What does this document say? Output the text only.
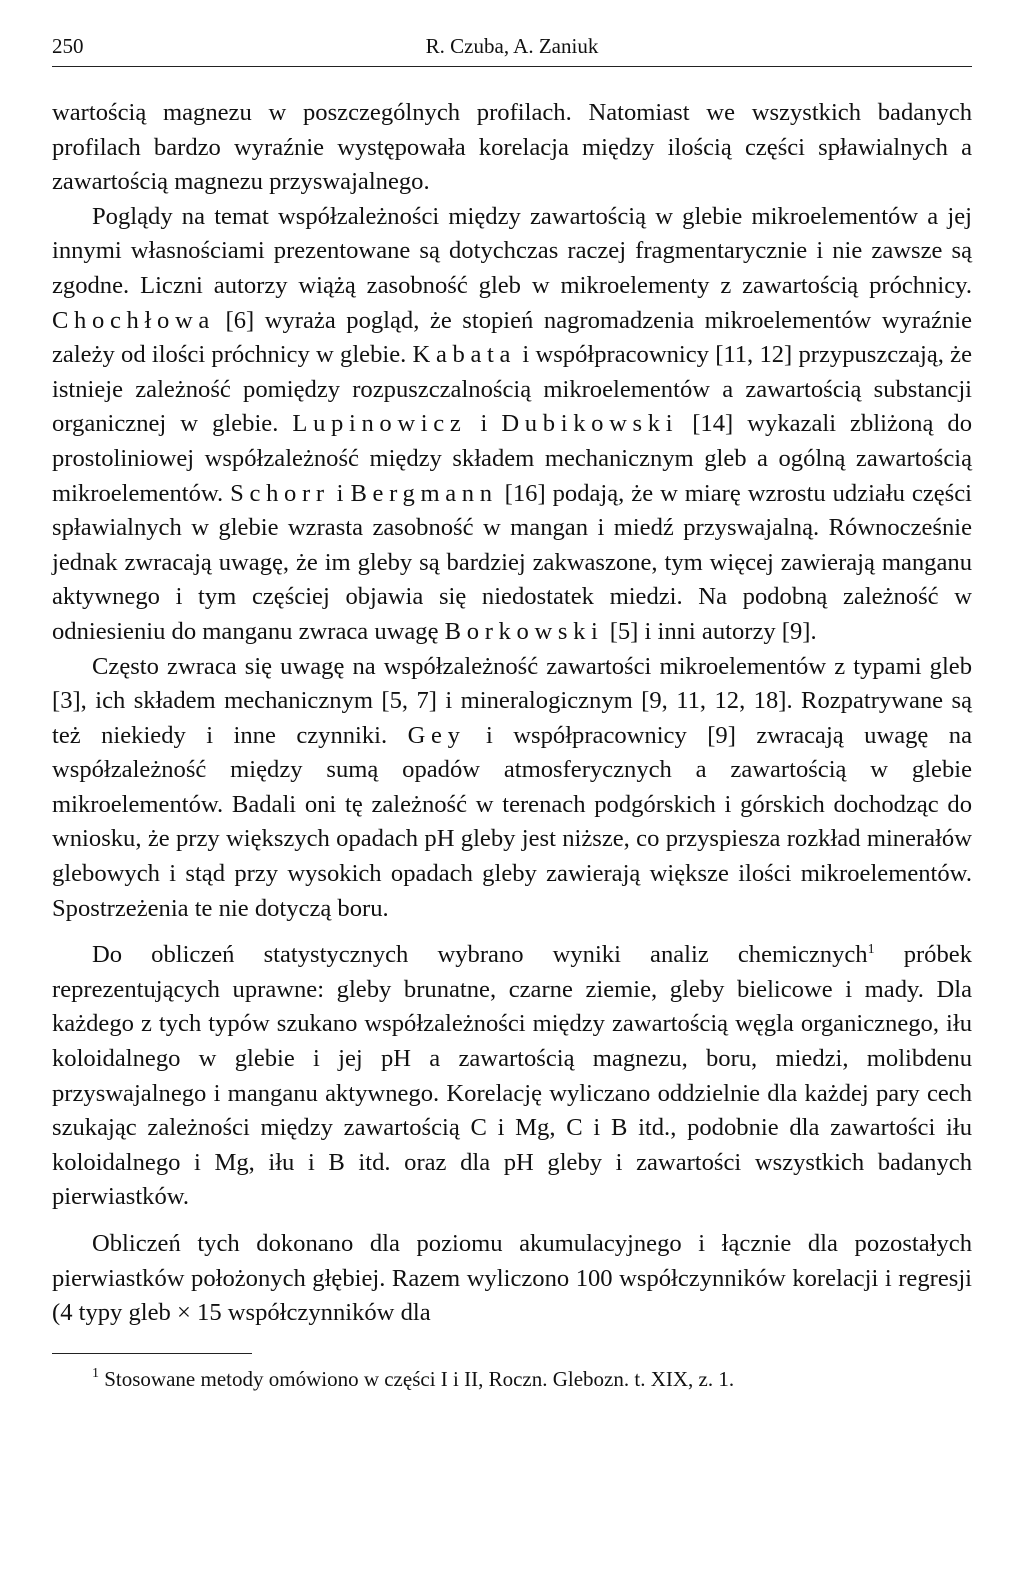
250	R. Czuba, A. Zaniuk

wartością magnezu w poszczególnych profilach. Natomiast we wszystkich badanych profilach bardzo wyraźnie występowała korelacja między ilością części spławialnych a zawartością magnezu przyswajalnego.

Poglądy na temat współzależności między zawartością w glebie mikroelementów a jej innymi własnościami prezentowane są dotychczas raczej fragmentarycznie i nie zawsze są zgodne. Liczni autorzy wiążą zasobność gleb w mikroelementy z zawartością próchnicy. Chochłowa [6] wyraża pogląd, że stopień nagromadzenia mikroelementów wyraźnie zależy od ilości próchnicy w glebie. Kabata i współpracownicy [11, 12] przypuszczają, że istnieje zależność pomiędzy rozpuszczalnością mikroelementów a zawartością substancji organicznej w glebie. Lupinowicz i Dubikowski [14] wykazali zbliżoną do prostoliniowej współzależność między składem mechanicznym gleb a ogólną zawartością mikroelementów. Schorr i Bergmann [16] podają, że w miarę wzrostu udziału części spławialnych w glebie wzrasta zasobność w mangan i miedź przyswajalną. Równocześnie jednak zwracają uwagę, że im gleby są bardziej zakwaszone, tym więcej zawierają manganu aktywnego i tym częściej objawia się niedostatek miedzi. Na podobną zależność w odniesieniu do manganu zwraca uwagę Borkowski [5] i inni autorzy [9].

Często zwraca się uwagę na współzależność zawartości mikroelementów z typami gleb [3], ich składem mechanicznym [5, 7] i mineralogicznym [9, 11, 12, 18]. Rozpatrywane są też niekiedy i inne czynniki. Gey i współpracownicy [9] zwracają uwagę na współzależność między sumą opadów atmosferycznych a zawartością w glebie mikroelementów. Badali oni tę zależność w terenach podgórskich i górskich dochodząc do wniosku, że przy większych opadach pH gleby jest niższe, co przyspiesza rozkład minerałów glebowych i stąd przy wysokich opadach gleby zawierają większe ilości mikroelementów. Spostrzeżenia te nie dotyczą boru.

Do obliczeń statystycznych wybrano wyniki analiz chemicznych$^1$ próbek reprezentujących uprawne: gleby brunatne, czarne ziemie, gleby bielicowe i mady. Dla każdego z tych typów szukano współzależności między zawartością węgla organicznego, iłu koloidalnego w glebie i jej pH a zawartością magnezu, boru, miedzi, molibdenu przyswajalnego i manganu aktywnego. Korelację wyliczano oddzielnie dla każdej pary cech szukając zależności między zawartością C i Mg, C i B itd., podobnie dla zawartości iłu koloidalnego i Mg, iłu i B itd. oraz dla pH gleby i zawartości wszystkich badanych pierwiastków.

Obliczeń tych dokonano dla poziomu akumulacyjnego i łącznie dla pozostałych pierwiastków położonych głębiej. Razem wyliczono 100 współczynników korelacji i regresji (4 typy gleb × 15 współczynników dla

$^1$ Stosowane metody omówiono w części I i II, Roczn. Glebozn. t. XIX, z. 1.
